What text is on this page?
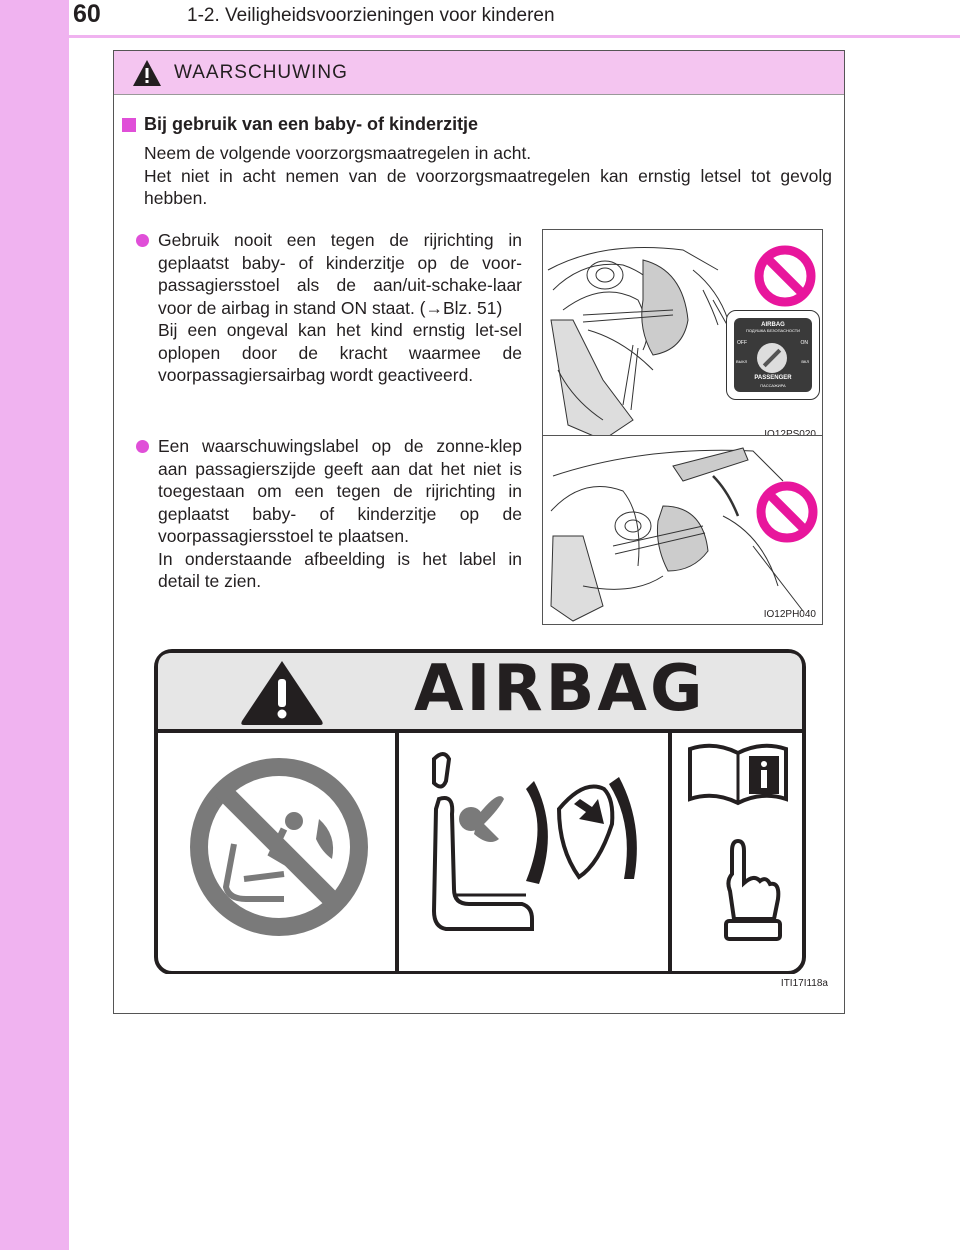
60	1-2. Veiligheidsvoorzieningen voor kinderen
WAARSCHUWING
Bij gebruik van een baby- of kinderzitje

Neem de volgende voorzorgsmaatregelen in acht.

Het niet in acht nemen van de voorzorgsmaatregelen kan ernstig letsel tot gevolg hebben.

Gebruik nooit een tegen de rijrichting in geplaatst baby- of kinderzitje op de voor-passagiersstoel als de aan/uit-schake-laar voor de airbag in stand ON staat. (→Blz. 51)
Bij een ongeval kan het kind ernstig let-sel oplopen door de kracht waarmee de voorpassagiersairbag wordt geactiveerd.
AIRBAG
ПОДУШКА БЕЗОПАСНОСТИ
OFF	ON
ВЫКЛ	ВКЛ
PASSENGER
ПАССАЖИРА
Een waarschuwingslabel op de zonne-klep aan passagierszijde geeft aan dat het niet is toegestaan om een tegen de rijrichting in geplaatst baby- of kinderzitje op de voorpassagiersstoel te plaatsen.
In onderstaande afbeelding is het label in detail te zien.
IO12PH040
AIRBAG
ITI17I118a
